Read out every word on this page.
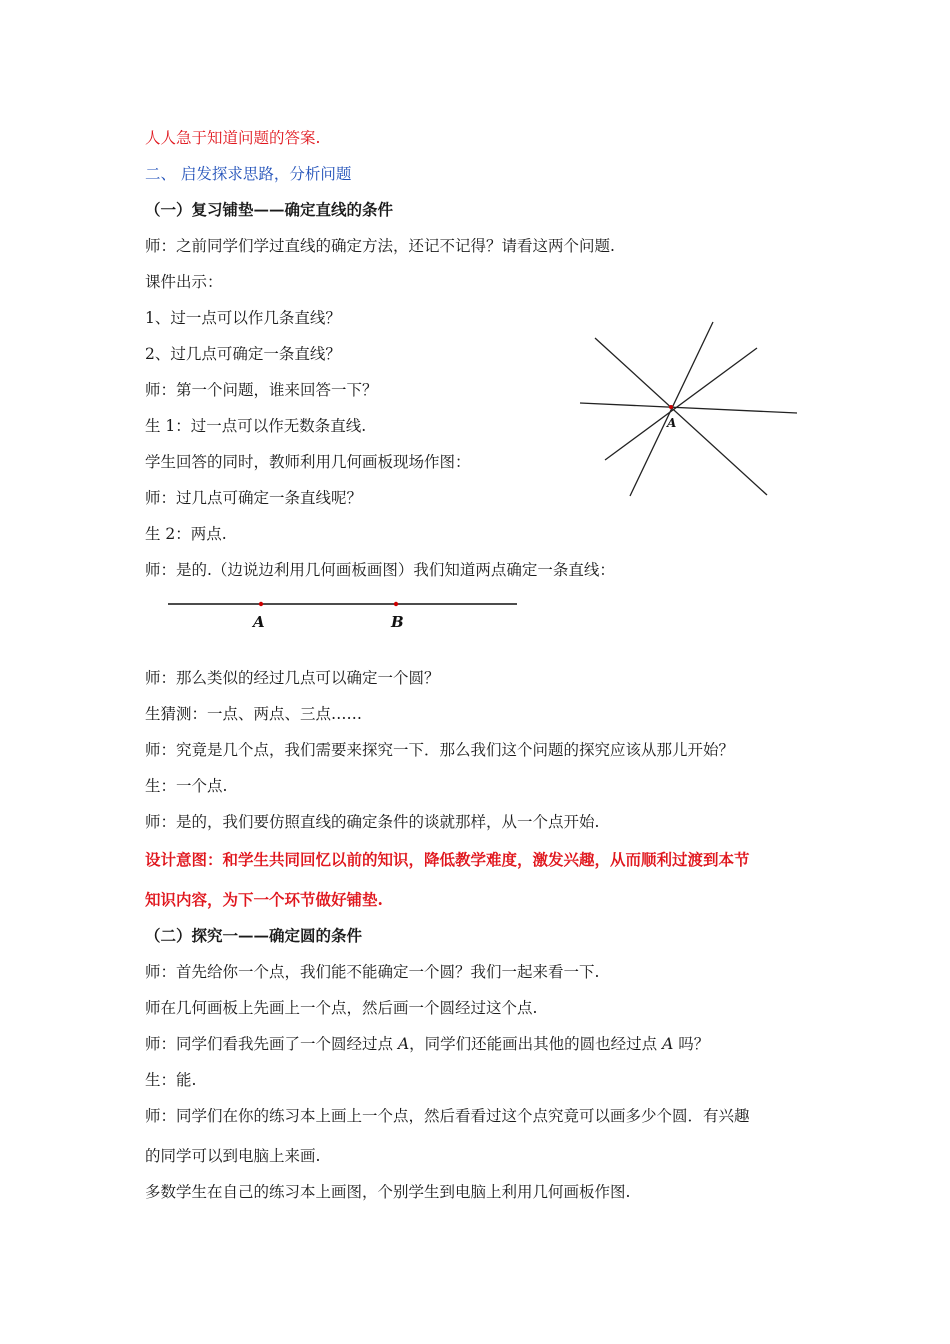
人人急于知道问题的答案.
二、 启发探求思路，分析问题
（一）复习铺垫——确定直线的条件
师：之前同学们学过直线的确定方法，还记不记得？请看这两个问题.
课件出示：
1、过一点可以作几条直线？
2、过几点可确定一条直线？
师：第一个问题，谁来回答一下？
生 1：过一点可以作无数条直线.
学生回答的同时，教师利用几何画板现场作图：
师：过几点可确定一条直线呢？
生 2：两点.
师：是的.（边说边利用几何画板画图）我们知道两点确定一条直线：
师：那么类似的经过几点可以确定一个圆？
生猜测：一点、两点、三点……
师：究竟是几个点，我们需要来探究一下．那么我们这个问题的探究应该从那儿开始？
生：一个点.
师：是的，我们要仿照直线的确定条件的谈就那样，从一个点开始.
设计意图：和学生共同回忆以前的知识，降低教学难度，激发兴趣，从而顺利过渡到本节
知识内容，为下一个环节做好铺垫.
（二）探究一——确定圆的条件
师：首先给你一个点，我们能不能确定一个圆？我们一起来看一下.
师在几何画板上先画上一个点，然后画一个圆经过这个点.
师：同学们看我先画了一个圆经过点 A，同学们还能画出其他的圆也经过点 A 吗？
生：能.
师：同学们在你的练习本上画上一个点，然后看看过这个点究竟可以画多少个圆．有兴趣
的同学可以到电脑上来画.
多数学生在自己的练习本上画图，个别学生到电脑上利用几何画板作图.
A
A	B
